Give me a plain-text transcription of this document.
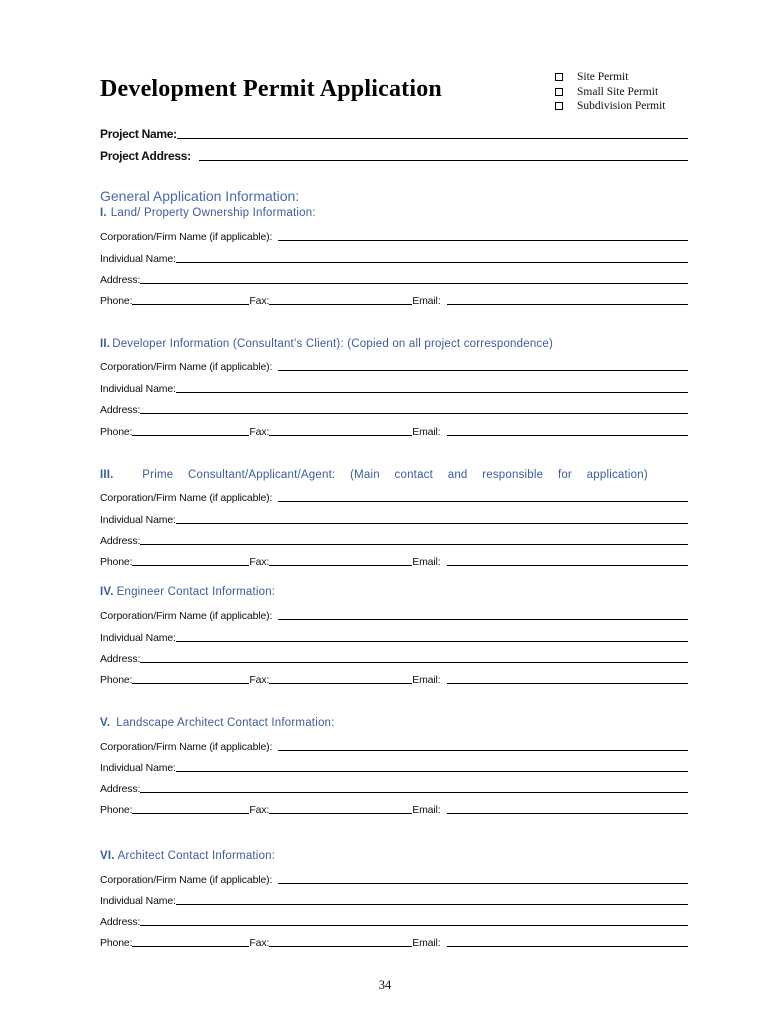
Development Permit Application	Site Permit
Small Site Permit
Subdivision Permit
Project Name:
Project Address:
General Application Information:
I. Land/ Property Ownership Information:
Corporation/Firm Name (if applicable):
Individual Name:
Address:
Phone:	Fax:	Email:
II. Developer Information (Consultant’s Client): (Copied on all project correspondence)
Corporation/Firm Name (if applicable):
Individual Name:
Address:
Phone:	Fax:	Email:
III. Prime Consultant/Applicant/Agent: (Main contact and responsible for application)
Corporation/Firm Name (if applicable):
Individual Name:
Address:
Phone:	Fax:	Email:
IV. Engineer Contact Information:
Corporation/Firm Name (if applicable):
Individual Name:
Address:
Phone:	Fax:	Email:
V. Landscape Architect Contact Information:
Corporation/Firm Name (if applicable):
Individual Name:
Address:
Phone:	Fax:	Email:
VI. Architect Contact Information:
Corporation/Firm Name (if applicable):
Individual Name:
Address:
Phone:	Fax:	Email:
34
